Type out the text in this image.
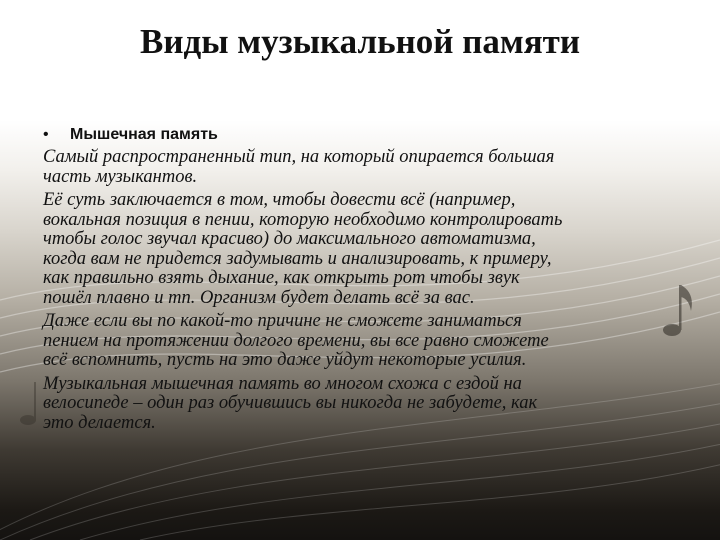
Виды музыкальной памяти
•	Мышечная память

Самый распространенный тип, на который опирается большая
часть музыкантов.

Её суть заключается в том, чтобы довести всё (например,
вокальная позиция в пении, которую необходимо контролировать
чтобы голос звучал красиво) до максимального автоматизма,
когда вам не придется задумывать и анализировать, к примеру,
как правильно взять дыхание, как открыть рот чтобы звук
пошёл плавно и тп. Организм будет делать всё за вас.

Даже если вы по какой-то причине не сможете заниматься
пением на протяжении долгого времени, вы все равно сможете
всё вспомнить, пусть на это даже уйдут некоторые усилия.

Музыкальная мышечная память во многом схожа с ездой на
велосипеде – один раз обучившись вы никогда не забудете, как
это делается.
